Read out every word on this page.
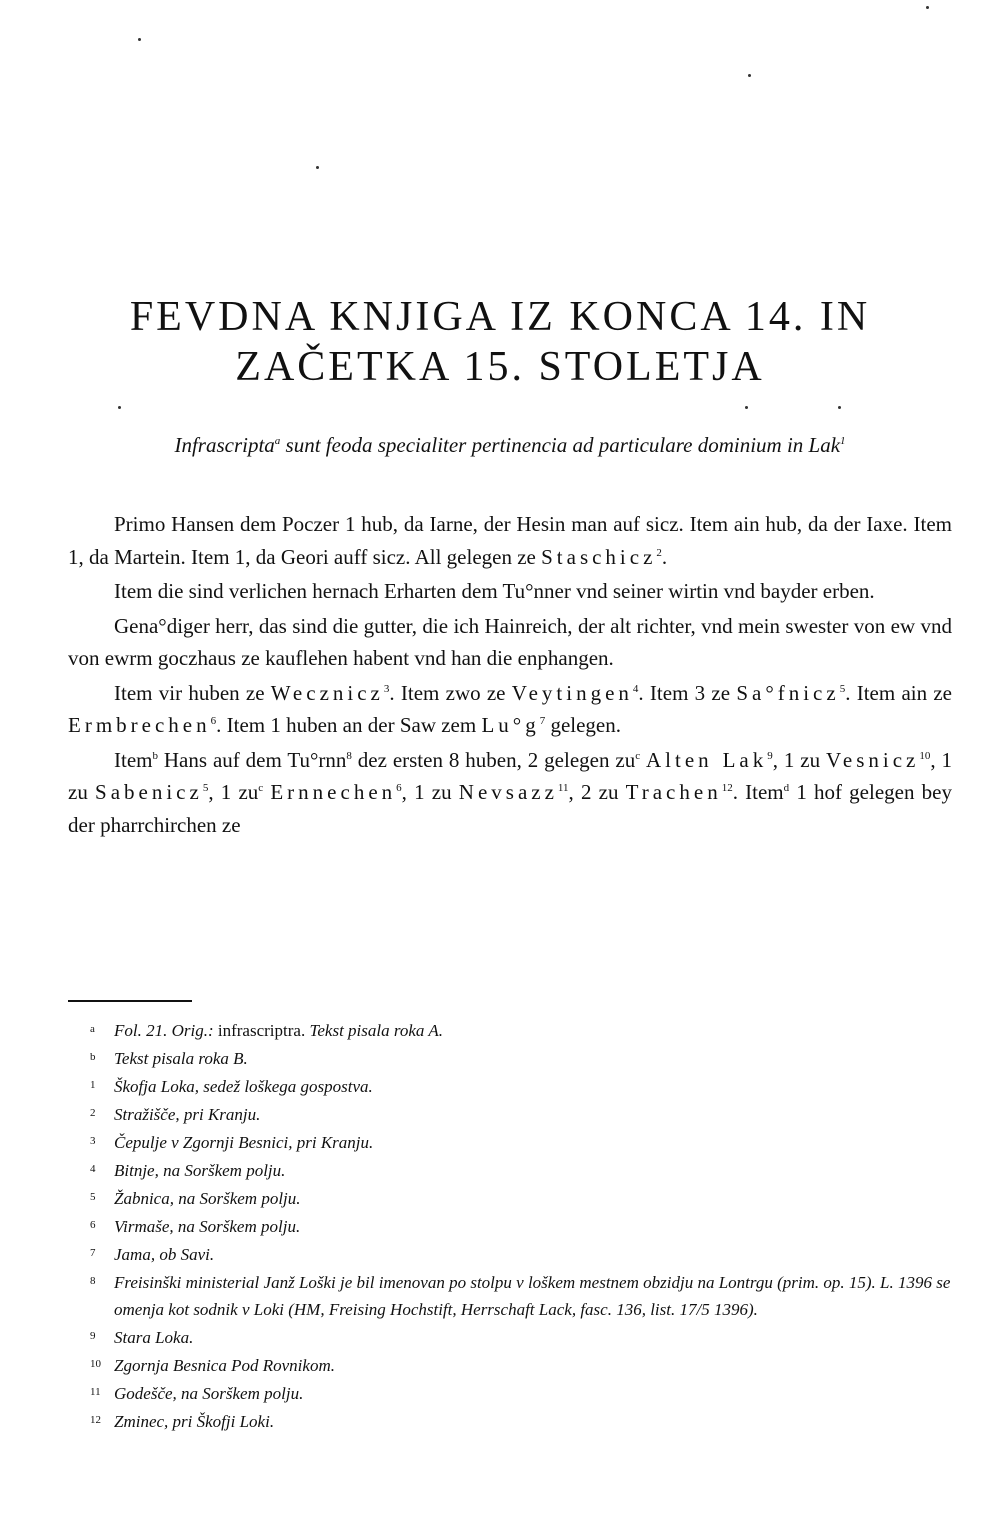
FEVDNA KNJIGA IZ KONCA 14. IN
ZAČETKA 15. STOLETJA
Infrascripta$^a$ sunt feoda specialiter pertinencia ad particulare dominium in Lak$^1$

Primo Hansen dem Poczer 1 hub, da Iarne, der Hesin man auf sicz. Item ain hub, da der Iaxe. Item 1, da Martein. Item 1, da Geori auff sicz. All gelegen ze Staschicz$^2$.

Item die sind verlichen hernach Erharten dem Tu°nner vnd seiner wirtin vnd bayder erben.

Gena°diger herr, das sind die gutter, die ich Hainreich, der alt richter, vnd mein swester von ew vnd von ewrm goczhaus ze kauflehen habent vnd han die enphangen.

Item vir huben ze Wecznicz$^3$. Item zwo ze Veytingen$^4$. Item 3 ze Sa°fnicz$^5$. Item ain ze Ermbrechen$^6$. Item 1 huben an der Saw zem $Lu^\circ g^7$ gelegen.

Item$^b$ Hans auf dem Tu°rnn$^8$ dez ersten 8 huben, 2 gelegen $zu^c$ Alten Lak$^9$, 1 zu Vesnicz$^{10}$, 1 zu Sabenicz$^5$, 1 $zu^c$ Ernnechen$^6$, 1 zu Nevsazz$^{11}$, 2 zu Trachen$^{12}$. Item$^d$ 1 hof gelegen bey der pharrchirchen ze

a Fol. 21. Orig.: infrascriptra. Tekst pisala roka A.

b Tekst pisala roka B.

1 Škofja Loka, sedež loškega gospostva.

2 Stražišče, pri Kranju.

3 Čepulje v Zgornji Besnici, pri Kranju.

4 Bitnje, na Sorškem polju.

5 Žabnica, na Sorškem polju.

6 Virmaše, na Sorškem polju.

7 Jama, ob Savi.

8 Freisinški ministerial Janž Loški je bil imenovan po stolpu v loškem mestnem obzidju na Lontrgu (prim. op. 15). L. 1396 se omenja kot sodnik v Loki (HM, Freising Hochstift, Herrschaft Lack, fasc. 136, list. 17/5 1396).

9 Stara Loka.

10 Zgornja Besnica Pod Rovnikom.

11 Godešče, na Sorškem polju.

12 Zminec, pri Škofji Loki.
